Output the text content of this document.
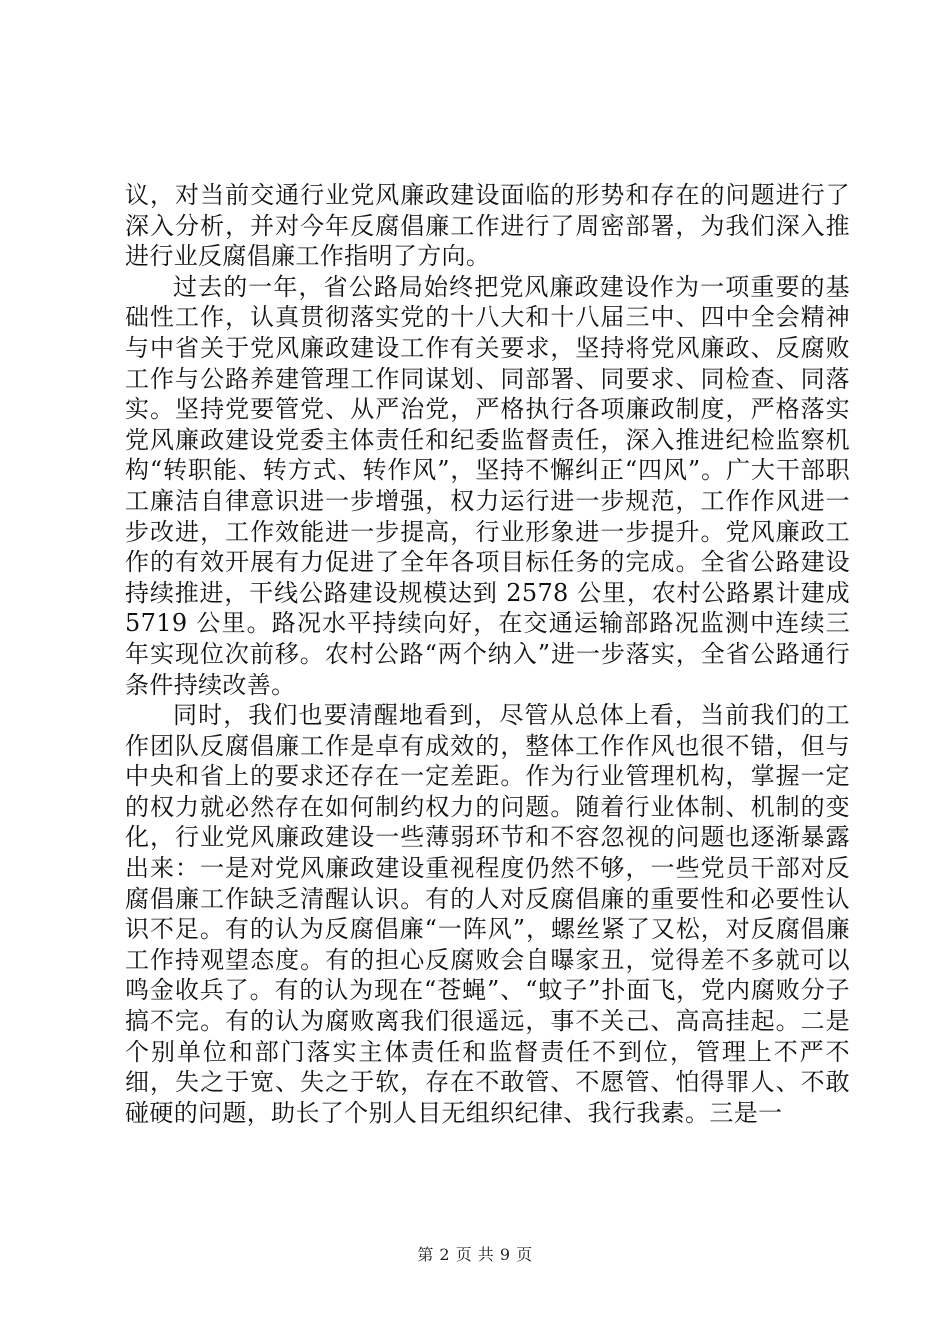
议，对当前交通行业党风廉政建设面临的形势和存在的问题进行了深入分析，并对今年反腐倡廉工作进行了周密部署，为我们深入推进行业反腐倡廉工作指明了方向。

过去的一年，省公路局始终把党风廉政建设作为一项重要的基础性工作，认真贯彻落实党的十八大和十八届三中、四中全会精神与中省关于党风廉政建设工作有关要求，坚持将党风廉政、反腐败工作与公路养建管理工作同谋划、同部署、同要求、同检查、同落实。坚持党要管党、从严治党，严格执行各项廉政制度，严格落实党风廉政建设党委主体责任和纪委监督责任，深入推进纪检监察机构“转职能、转方式、转作风”，坚持不懈纠正“四风”。广大干部职工廉洁自律意识进一步增强，权力运行进一步规范，工作作风进一步改进，工作效能进一步提高，行业形象进一步提升。党风廉政工作的有效开展有力促进了全年各项目标任务的完成。全省公路建设持续推进，干线公路建设规模达到 2578 公里，农村公路累计建成 5719 公里。路况水平持续向好，在交通运输部路况监测中连续三年实现位次前移。农村公路“两个纳入”进一步落实，全省公路通行条件持续改善。

同时，我们也要清醒地看到，尽管从总体上看，当前我们的工作团队反腐倡廉工作是卓有成效的，整体工作作风也很不错，但与中央和省上的要求还存在一定差距。作为行业管理机构，掌握一定的权力就必然存在如何制约权力的问题。随着行业体制、机制的变化，行业党风廉政建设一些薄弱环节和不容忽视的问题也逐渐暴露出来：一是对党风廉政建设重视程度仍然不够，一些党员干部对反腐倡廉工作缺乏清醒认识。有的人对反腐倡廉的重要性和必要性认识不足。有的认为反腐倡廉“一阵风”，螺丝紧了又松，对反腐倡廉工作持观望态度。有的担心反腐败会自曝家丑，觉得差不多就可以鸣金收兵了。有的认为现在“苍蝇”、“蚊子”扑面飞，党内腐败分子搞不完。有的认为腐败离我们很遥远，事不关己、高高挂起。二是个别单位和部门落实主体责任和监督责任不到位，管理上不严不细，失之于宽、失之于软，存在不敢管、不愿管、怕得罪人、不敢碰硬的问题，助长了个别人目无组织纪律、我行我素。三是一

第 2 页 共 9 页
